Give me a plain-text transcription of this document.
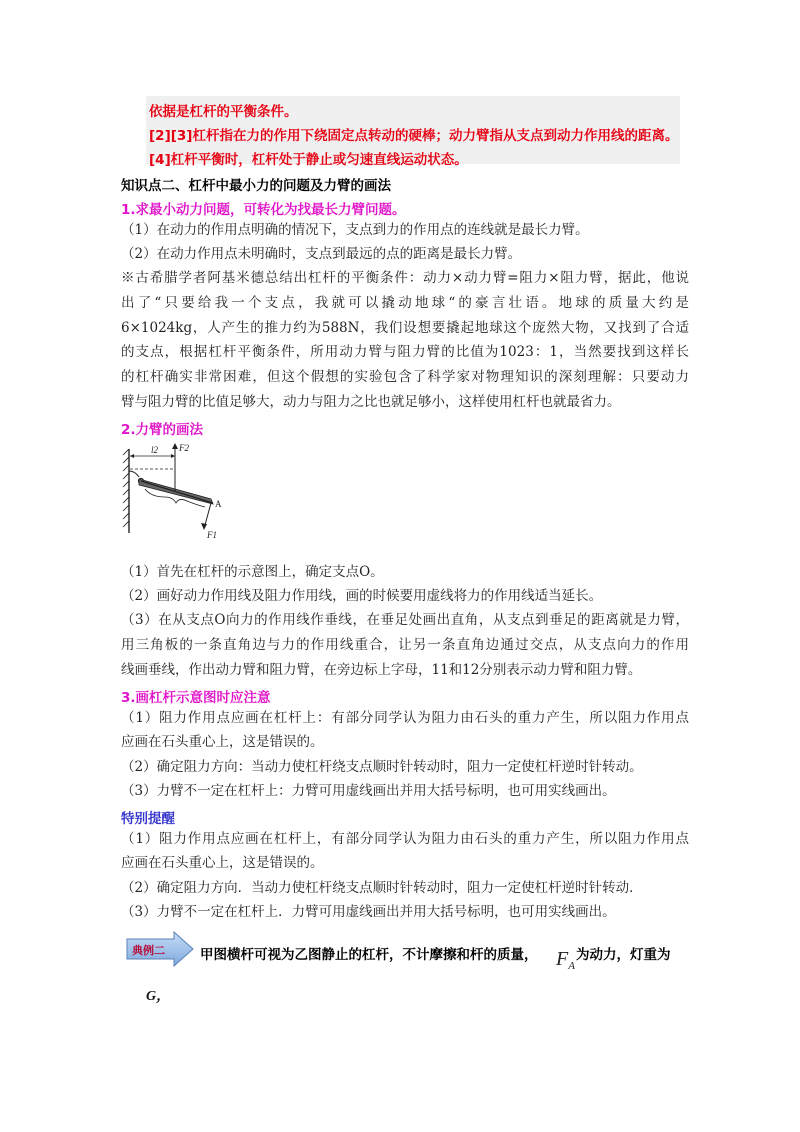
依据是杠杆的平衡条件。
[2][3]杠杆指在力的作用下绕固定点转动的硬棒；动力臂指从支点到动力作用线的距离。
[4]杠杆平衡时，杠杆处于静止或匀速直线运动状态。
知识点二、杠杆中最小力的问题及力臂的画法
1.求最小动力问题，可转化为找最长力臂问题。
（1）在动力的作用点明确的情况下，支点到力的作用点的连线就是最长力臂。
（2）在动力作用点未明确时，支点到最远的点的距离是最长力臂。
※古希腊学者阿基米德总结出杠杆的平衡条件：动力×动力臂=阻力×阻力臂，据此，他说
出了“只要给我一个支点，我就可以撬动地球“的豪言壮语。地球的质量大约是
6×1024kg，人产生的推力约为588N，我们设想要撬起地球这个庞然大物，又找到了合适
的支点，根据杠杆平衡条件，所用动力臂与阻力臂的比值为1023：1，当然要找到这样长
的杠杆确实非常困难，但这个假想的实验包含了科学家对物理知识的深刻理解：只要动力
臂与阻力臂的比值足够大，动力与阻力之比也就足够小，这样使用杠杆也就最省力。
2.力臂的画法
l2 F2
A
F1
（1）首先在杠杆的示意图上，确定支点O。
（2）画好动力作用线及阻力作用线，画的时候要用虚线将力的作用线适当延长。
（3）在从支点O向力的作用线作垂线，在垂足处画出直角，从支点到垂足的距离就是力臂，
用三角板的一条直角边与力的作用线重合，让另一条直角边通过交点，从支点向力的作用
线画垂线，作出动力臂和阻力臂，在旁边标上字母，11和12分别表示动力臂和阻力臂。
3.画杠杆示意图时应注意
（1）阻力作用点应画在杠杆上：有部分同学认为阻力由石头的重力产生，所以阻力作用点
应画在石头重心上，这是错误的。
（2）确定阻力方向：当动力使杠杆绕支点顺时针转动时，阻力一定使杠杆逆时针转动。
（3）力臂不一定在杠杆上：力臂可用虚线画出并用大括号标明，也可用实线画出。
特别提醒
（1）阻力作用点应画在杠杆上，有部分同学认为阻力由石头的重力产生，所以阻力作用点
应画在石头重心上，这是错误的。
（2）确定阻力方向．当动力使杠杆绕支点顺时针转动时，阻力一定使杠杆逆时针转动．
（3）力臂不一定在杠杆上．力臂可用虚线画出并用大括号标明，也可用实线画出。
典例二	甲图横杆可视为乙图静止的杠杆，不计摩擦和杆的质量， $F_A$
为动力，灯重为
G，
